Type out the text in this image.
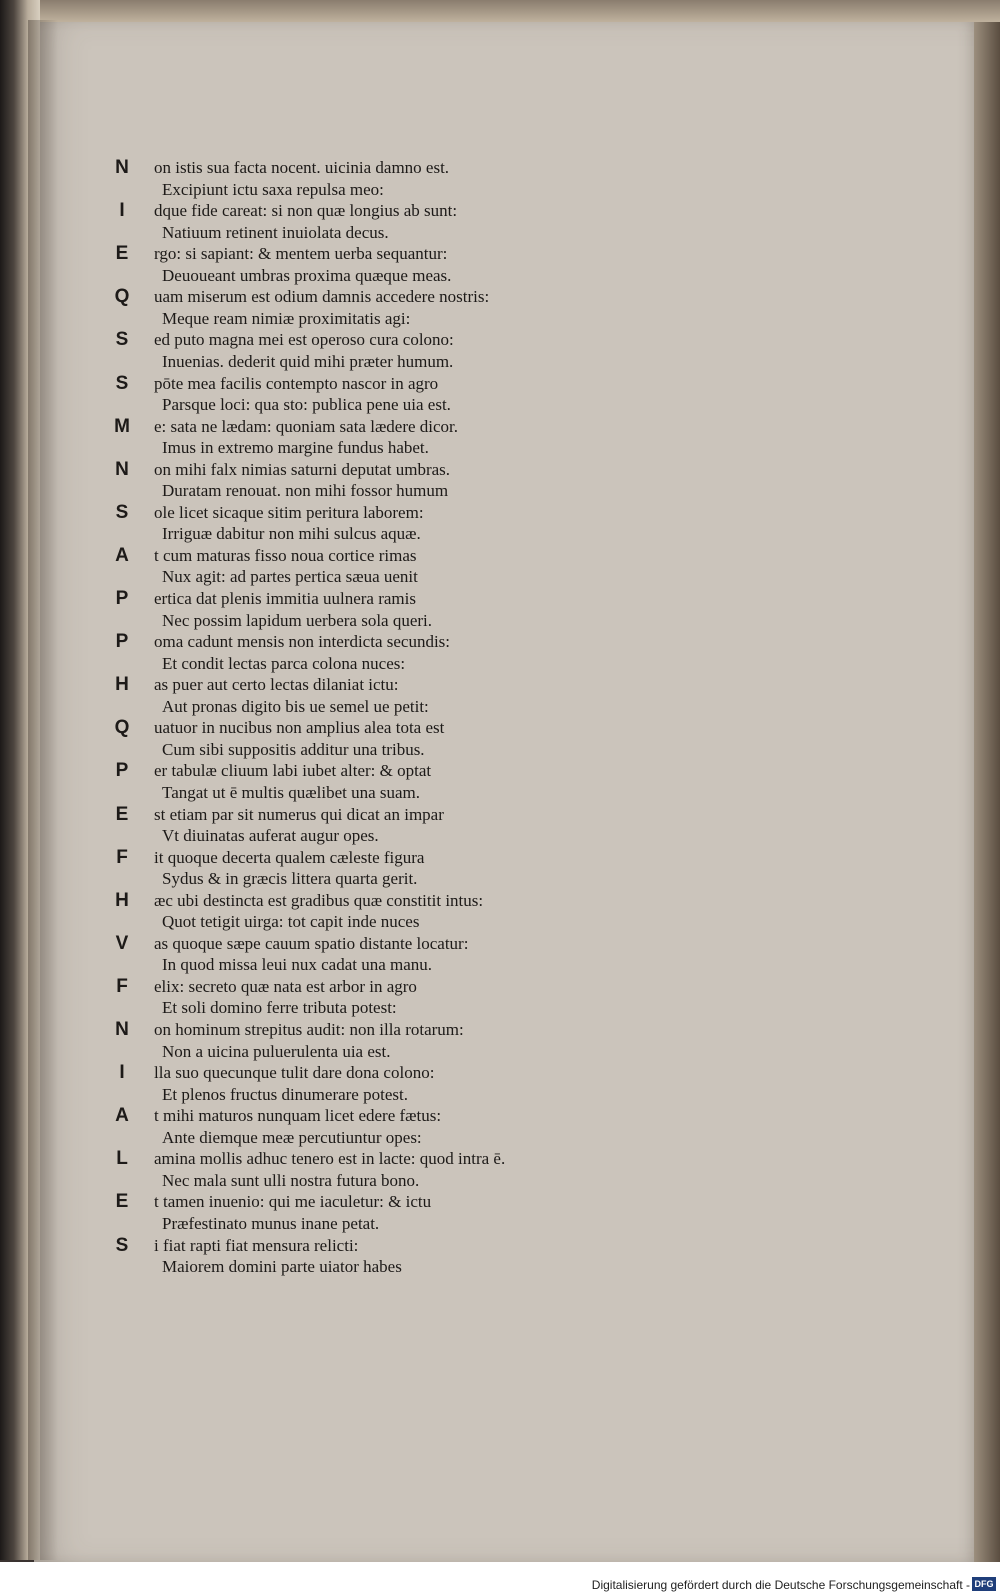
N	on istis sua facta nocent. uicinia damno est.
Excipiunt ictu saxa repulsa meo:
I	dque fide careat: si non quæ longius ab sunt:
Natiuum retinent inuiolata decus.
E	rgo: si sapiant: & mentem uerba sequantur:
Deuoueant umbras proxima quæque meas.
Q uam miserum est odium damnis accedere nostris:
Meque ream nimiæ proximitatis agi:
S	ed puto magna mei est operoso cura colono:
Inuenias. dederit quid mihi præter humum.
S	pōte mea facilis contempto nascor in agro
Parsque loci: qua sto: publica pene uia est.
M e: sata ne lædam: quoniam sata lædere dicor.
Imus in extremo margine fundus habet.
N	on mihi falx nimias saturni deputat umbras.
Duratam renouat. non mihi fossor humum
S	ole licet sicaque sitim peritura laborem:
Irriguæ dabitur non mihi sulcus aquæ.
A	t cum maturas fisso noua cortice rimas
Nux agit: ad partes pertica sæua uenit
P	ertica dat plenis immitia uulnera ramis
Nec possim lapidum uerbera sola queri.
P	oma cadunt mensis non interdicta secundis:
Et condit lectas parca colona nuces:
H	as puer aut certo lectas dilaniat ictu:
Aut pronas digito bis ue semel ue petit:
Q uatuor in nucibus non amplius alea tota est
Cum sibi suppositis additur una tribus.
P	er tabulæ cliuum labi iubet alter: & optat
Tangat ut ē multis quælibet una suam.
E	st etiam par sit numerus qui dicat an impar
Vt diuinatas auferat augur opes.
F	it quoque decerta qualem cæleste figura
Sydus & in græcis littera quarta gerit.
H	æc ubi destincta est gradibus quæ constitit intus:
Quot tetigit uirga: tot capit inde nuces
V	as quoque sæpe cauum spatio distante locatur:
In quod missa leui nux cadat una manu.
F	elix: secreto quæ nata est arbor in agro
Et soli domino ferre tributa potest:
N	on hominum strepitus audit: non illa rotarum:
Non a uicina puluerulenta uia est.
I	lla suo quecunque tulit dare dona colono:
Et plenos fructus dinumerare potest.
A	t mihi maturos nunquam licet edere fætus:
Ante diemque meæ percutiuntur opes:
L	amina mollis adhuc tenero est in lacte: quod intra ē.
Nec mala sunt ulli nostra futura bono.
E	t tamen inuenio: qui me iaculetur: & ictu
Præfestinato munus inane petat.
S	i fiat rapti fiat mensura relicti:
Maiorem domini parte uiator habes
Digitalisierung gefördert durch die Deutsche Forschungsgemeinschaft - DFG
